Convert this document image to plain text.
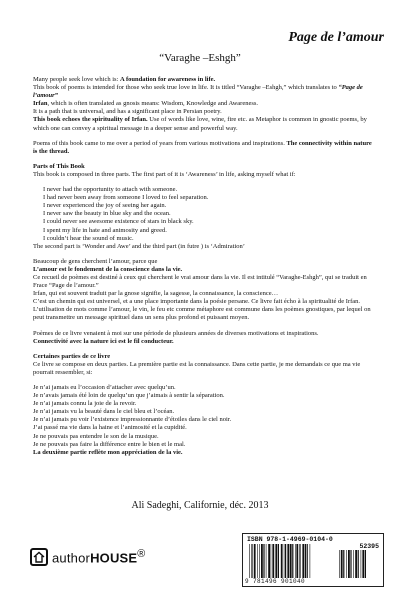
Page de l’amour
“Varaghe –Eshgh”

Many people seek love which is: A foundation for awareness in life.

This book of poems is intended for those who seek true love in life. It is titled “Varaghe –Eshgh,” which translates to “Page de l’amour”

Irfan, which is often translated as gnosis means: Wisdom, Knowledge and Awareness.

It is a path that is universal, and has a significant place in Persian poetry.

This book echoes the spirituality of Irfan. Use of words like love, wine, fire etc. as Metaphor is common in gnostic poems, by which one can convey a spiritual message in a deeper sense and powerful way.

Poems of this book came to me over a period of years from various motivations and inspirations. The connectivity within nature is the thread.

Parts of This Book

This book is composed in three parts. The first part of it is ‘Awareness’ in life, asking myself what if:

I never had the opportunity to attach with someone.

I had never been away from someone I loved to feel separation.

I never experienced the joy of seeing her again.

I never saw the beauty in blue sky and the ocean.

I could never see awesome existence of stars in black sky.

I spent my life in hate and animosity and greed.

I couldn’t hear the sound of music.

The second part is ‘Wonder and Awe’ and the third part (in futre ) is ‘Admiration’

Beaucoup de gens cherchent l’amour, parce que

L’amour est le fondement de la conscience dans la vie.

Ce recueil de poèmes est destiné à ceux qui cherchent le vrai amour dans la vie. Il est intitulé “Varaghe-Eshgh”, qui se traduit en Frace “Page de l’amour.”

Irfan, qui est souvent traduit par la gnose signifie, la sagesse, la connaissance, la conscience…

C’est un chemin qui est universel, et a une place importante dans la poésie persane. Ce livre fait écho à la spiritualité de Irfan. L’utilisation de mots comme l’amour, le vin, le feu etc comme métaphore est commune dans les poèmes gnostiques, par lequel on peut transmettre un message spirituel dans un sens plus profond et puissant moyen.

Poèmes de ce livre venaient à moi sur une période de plusieurs années de diverses motivations et inspirations.

Connectivité avec la nature ici est le fil conducteur.

Certaines parties de ce livre

Ce livre se compose en deux parties. La première partie est la connaissance. Dans cette partie, je me demandais ce que ma vie pourrait ressembler, si:

Je n’ai jamais eu l’occasion d’attacher avec quelqu’un.

Je n’avais jamais été loin de quelqu’un que j’aimais à sentir la séparation.

Je n’ai jamais connu la joie de la revoir.

Je n’ai jamais vu la beauté dans le ciel bleu et l’océan.

Je n’ai jamais pu voir l’existence impressionnante d’étoiles dans le ciel noir.

J’ai passé ma vie dans la haine et l’animosité et la cupidité.

Je ne pouvais pas entendre le son de la musique.

Je ne pouvais pas faire la différence entre le bien et le mal.

La deuxième partie reflète mon appréciation de la vie.

Ali Sadeghi, Californie, déc. 2013
authorHOUSE®
ISBN 978-1-4969-0104-0
52395
9 781496 901040
